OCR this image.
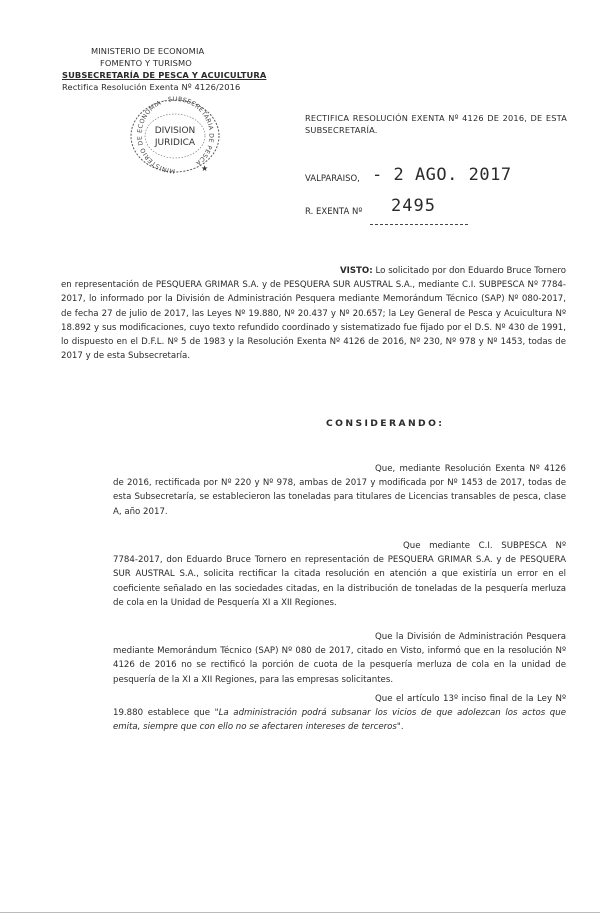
MINISTERIO DE ECONOMIA
FOMENTO Y TURISMO
SUBSECRETARÍA DE PESCA Y ACUICULTURA
Rectifica Resolución Exenta Nº 4126/2016
MINISTERIO DE ECONOMIA · SUBSECRETARIA DE PESCA
DIVISION
JURIDICA
★
RECTIFICA RESOLUCIÓN EXENTA Nº 4126 DE 2016, DE ESTA SUBSECRETARÍA.
VALPARAISO, - 2 AGO. 2017
R. EXENTA Nº 2495
VISTO: Lo solicitado por don Eduardo Bruce Tornero en representación de PESQUERA GRIMAR S.A. y de PESQUERA SUR AUSTRAL S.A., mediante C.I. SUBPESCA Nº 7784-2017, lo informado por la División de Administración Pesquera mediante Memorándum Técnico (SAP) Nº 080-2017, de fecha 27 de julio de 2017, las Leyes Nº 19.880, Nº 20.437 y Nº 20.657; la Ley General de Pesca y Acuicultura Nº 18.892 y sus modificaciones, cuyo texto refundido coordinado y sistematizado fue fijado por el D.S. Nº 430 de 1991, lo dispuesto en el D.F.L. Nº 5 de 1983 y la Resolución Exenta Nº 4126 de 2016, Nº 230, Nº 978 y Nº 1453, todas de 2017 y de esta Subsecretaría.
CONSIDERANDO:
Que, mediante Resolución Exenta Nº 4126 de 2016, rectificada por Nº 220 y Nº 978, ambas de 2017 y modificada por Nº 1453 de 2017, todas de esta Subsecretaría, se establecieron las toneladas para titulares de Licencias transables de pesca, clase A, año 2017.
Que mediante C.I. SUBPESCA Nº 7784-2017, don Eduardo Bruce Tornero en representación de PESQUERA GRIMAR S.A. y de PESQUERA SUR AUSTRAL S.A., solicita rectificar la citada resolución en atención a que existiría un error en el coeficiente señalado en las sociedades citadas, en la distribución de toneladas de la pesquería merluza de cola en la Unidad de Pesquería XI a XII Regiones.
Que la División de Administración Pesquera mediante Memorándum Técnico (SAP) Nº 080 de 2017, citado en Visto, informó que en la resolución Nº 4126 de 2016 no se rectificó la porción de cuota de la pesquería merluza de cola en la unidad de pesquería de la XI a XII Regiones, para las empresas solicitantes.
Que el artículo 13º inciso final de la Ley Nº 19.880 establece que "La administración podrá subsanar los vicios de que adolezcan los actos que emita, siempre que con ello no se afectaren intereses de terceros".
